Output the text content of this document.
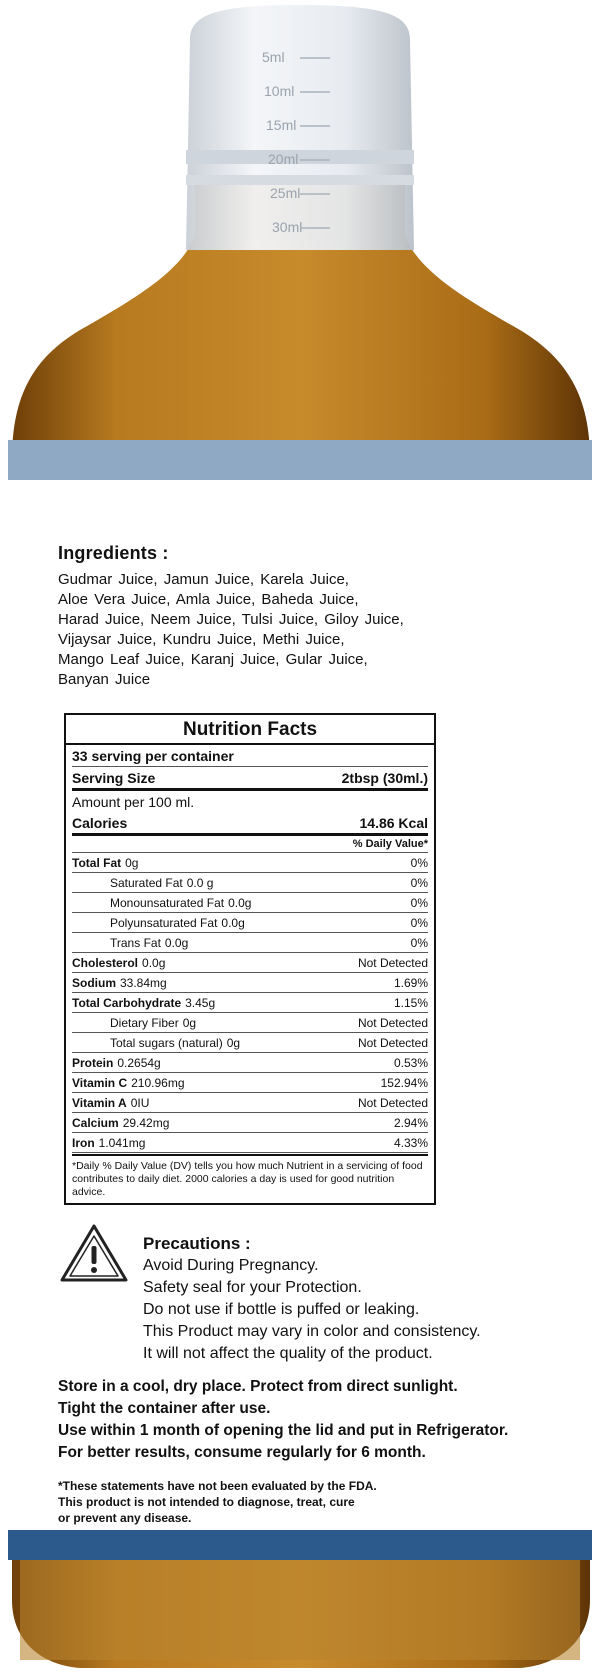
Ingredients :
Gudmar Juice, Jamun Juice, Karela Juice,
Aloe Vera Juice, Amla Juice, Baheda Juice,
Harad Juice, Neem Juice, Tulsi Juice, Giloy Juice,
Vijaysar Juice, Kundru Juice, Methi Juice,
Mango Leaf Juice, Karanj Juice, Gular Juice,
Banyan Juice
Nutrition Facts
33 serving per container
Serving Size	2tbsp (30ml.)
Amount per 100 ml.
Calories	14.86 Kcal
% Daily Value*
Total Fat 0g	0%
Saturated Fat 0.0 g	0%
Monounsaturated Fat 0.0g	0%
Polyunsaturated Fat 0.0g	0%
Trans Fat 0.0g	0%
Cholesterol 0.0g	Not Detected
Sodium 33.84mg	1.69%
Total Carbohydrate 3.45g	1.15%
Dietary Fiber 0g	Not Detected
Total sugars (natural) 0g	Not Detected
Protein 0.2654g	0.53%
Vitamin C 210.96mg	152.94%
Vitamin A 0IU	Not Detected
Calcium 29.42mg	2.94%
Iron 1.041mg	4.33%
*Daily % Daily Value (DV) tells you how much Nutrient in a servicing of food contributes to daily diet. 2000 calories a day is used for good nutrition advice.
Precautions :
Avoid During Pregnancy.
Safety seal for your Protection.
Do not use if bottle is puffed or leaking.
This Product may vary in color and consistency.
It will not affect the quality of the product.
Store in a cool, dry place. Protect from direct sunlight.
Tight the container after use.
Use within 1 month of opening the lid and put in Refrigerator.
For better results, consume regularly for 6 month.
*These statements have not been evaluated by the FDA.
This product is not intended to diagnose, treat, cure
or prevent any disease.
5ml
10ml
15ml
20ml
25ml
30ml
